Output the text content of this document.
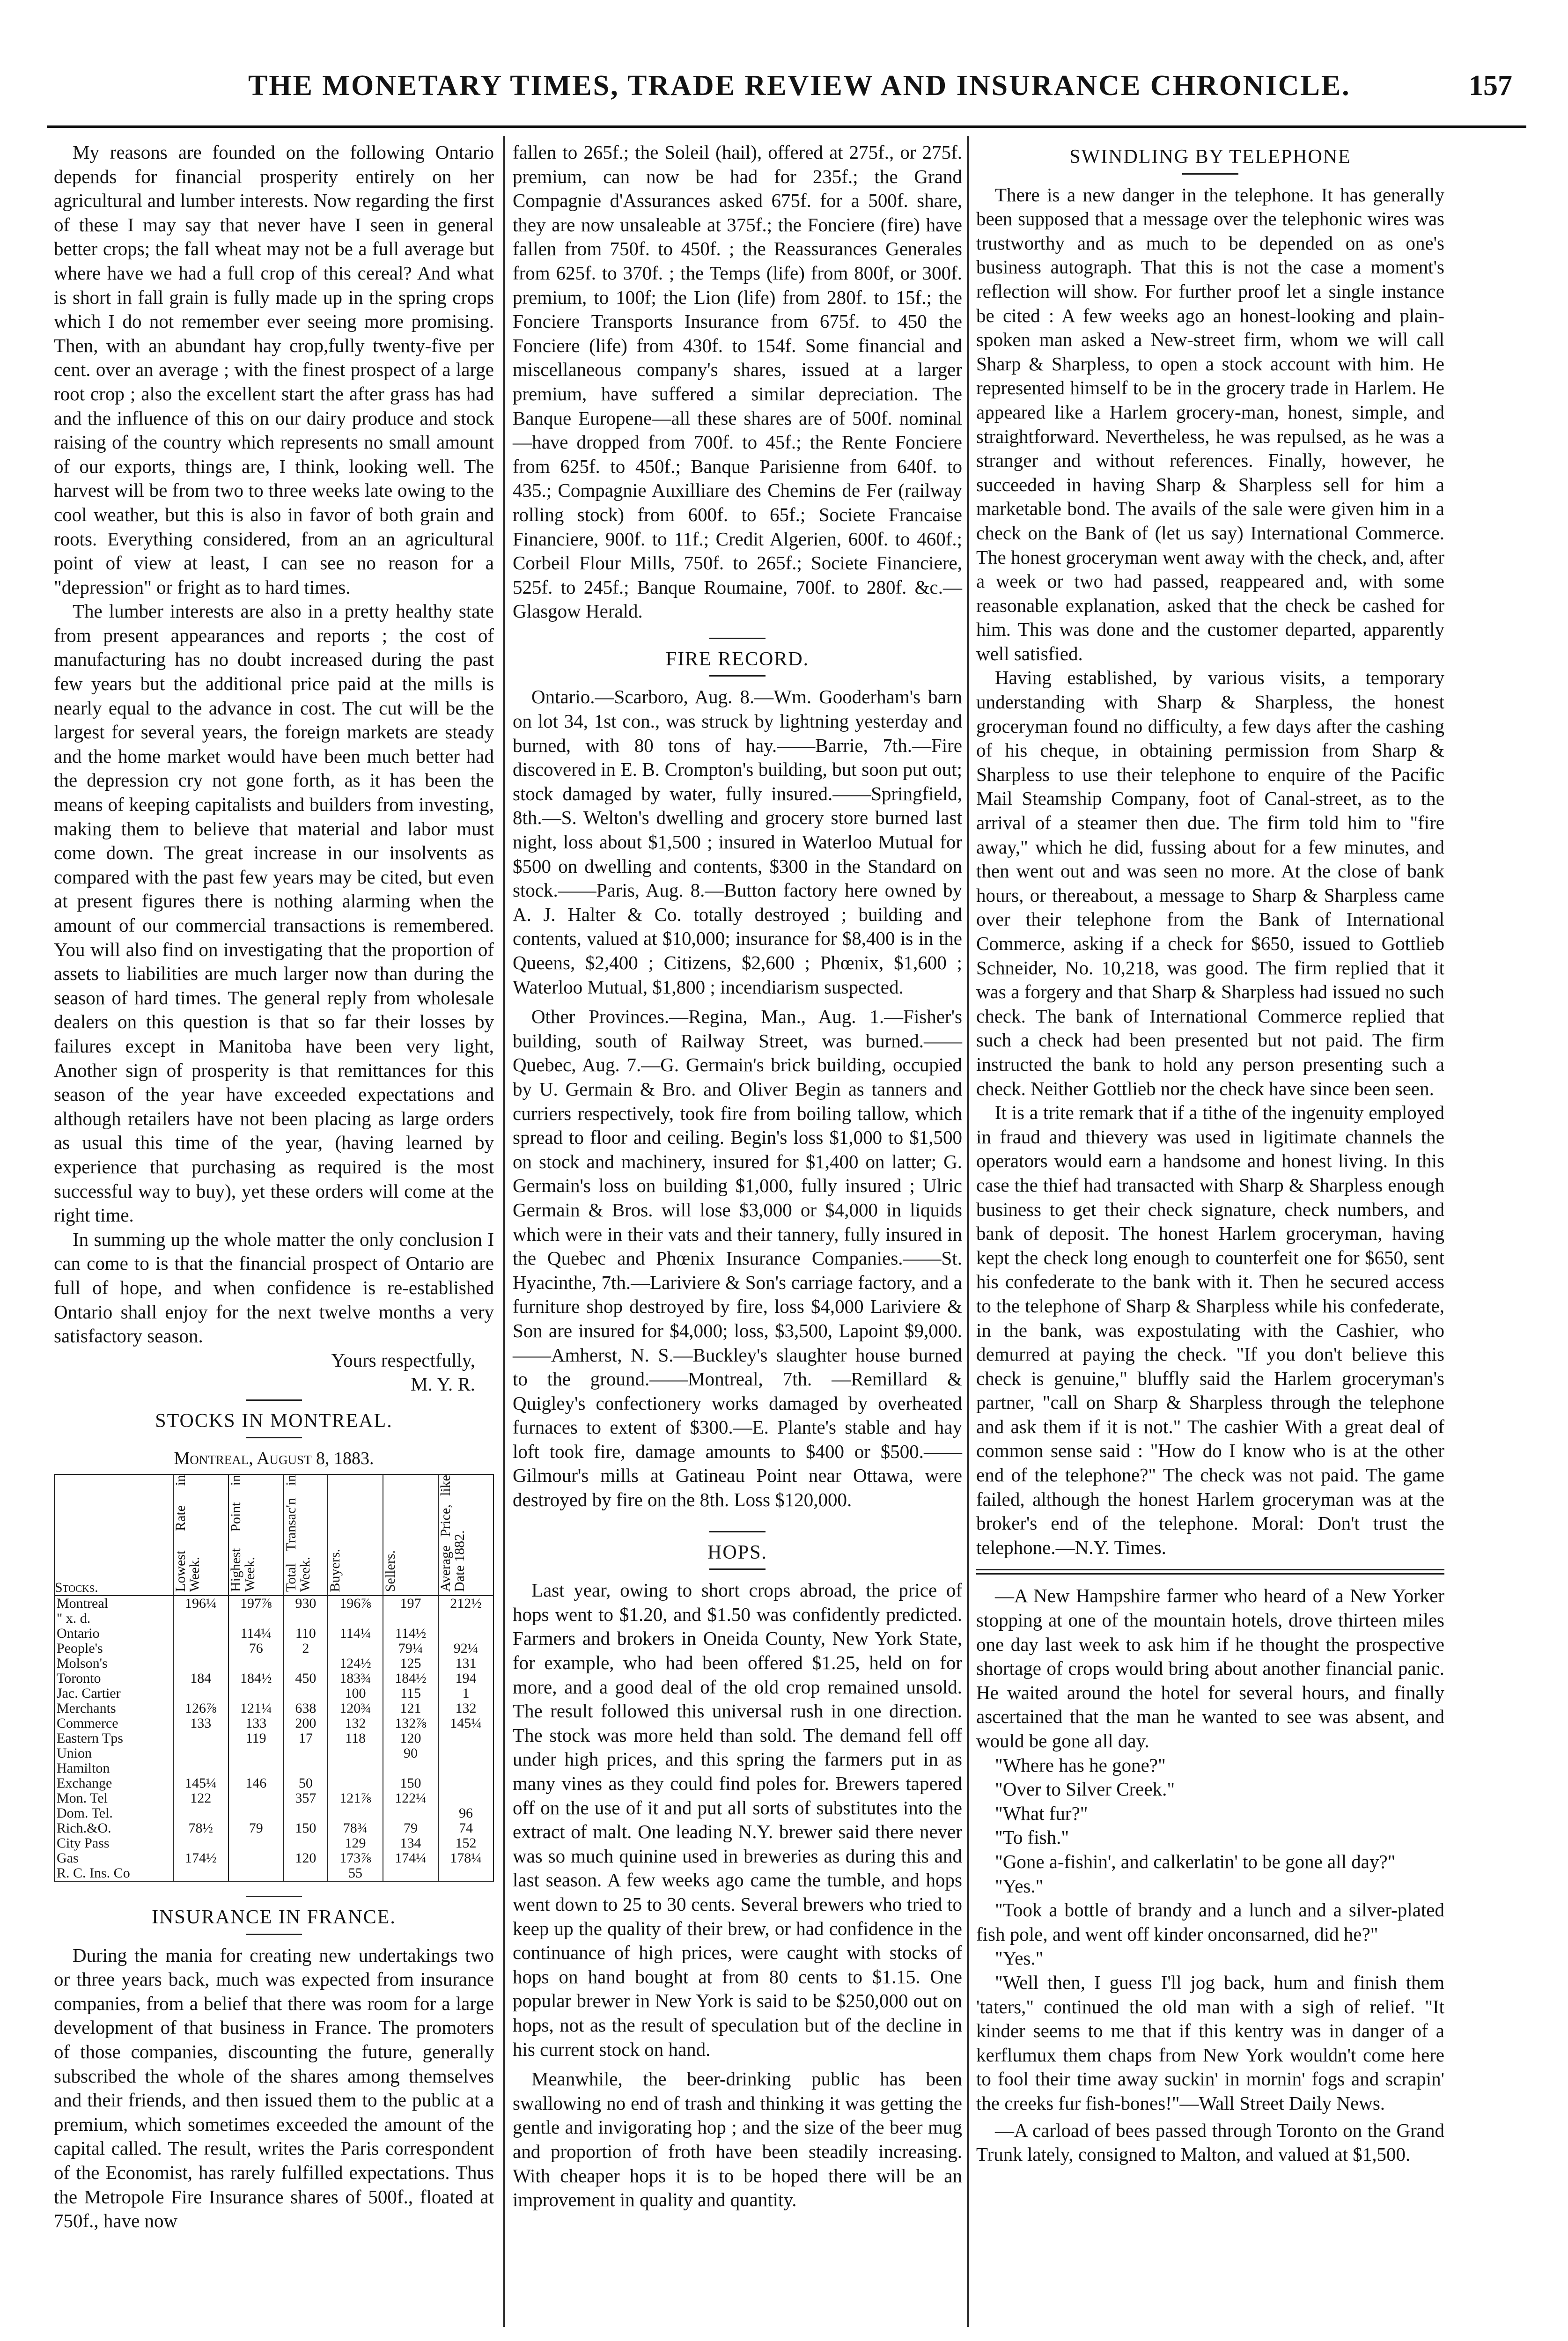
THE MONETARY TIMES, TRADE REVIEW AND INSURANCE CHRONICLE.	157

My reasons are founded on the following Ontario depends for financial prosperity entirely on her agricultural and lumber interests. Now regarding the first of these I may say that never have I seen in general better crops; the fall wheat may not be a full average but where have we had a full crop of this cereal? And what is short in fall grain is fully made up in the spring crops which I do not remember ever seeing more promising. Then, with an abundant hay crop,fully twenty-five per cent. over an average ; with the finest prospect of a large root crop ; also the excellent start the after grass has had and the influence of this on our dairy produce and stock raising of the country which represents no small amount of our exports, things are, I think, looking well. The harvest will be from two to three weeks late owing to the cool weather, but this is also in favor of both grain and roots. Everything considered, from an an agricultural point of view at least, I can see no reason for a "depression" or fright as to hard times.

The lumber interests are also in a pretty healthy state from present appearances and reports ; the cost of manufacturing has no doubt increased during the past few years but the additional price paid at the mills is nearly equal to the advance in cost. The cut will be the largest for several years, the foreign markets are steady and the home market would have been much better had the depression cry not gone forth, as it has been the means of keeping capitalists and builders from investing, making them to believe that material and labor must come down. The great increase in our insolvents as compared with the past few years may be cited, but even at present figures there is nothing alarming when the amount of our commercial transactions is remembered. You will also find on investigating that the proportion of assets to liabilities are much larger now than during the season of hard times. The general reply from wholesale dealers on this question is that so far their losses by failures except in Manitoba have been very light, Another sign of prosperity is that remittances for this season of the year have exceeded expectations and although retailers have not been placing as large orders as usual this time of the year, (having learned by experience that purchasing as required is the most successful way to buy), yet these orders will come at the right time.

In summing up the whole matter the only conclusion I can come to is that the financial prospect of Ontario are full of hope, and when confidence is re-established Ontario shall enjoy for the next twelve months a very satisfactory season.

Yours respectfully,

M. Y. R.

STOCKS IN MONTREAL.
Montreal, August 8, 1883.
Stocks.	Lowest Rate in Week.	Highest Point in Week.	Total Transac'n in Week.	Buyers.	Sellers.	Average Price, like Date 1882.
Montreal	196¼	197⅞	930	196⅞	197	212½
" x. d.						
Ontario		114¼	110	114¼	114½	
People's		76	2		79¼	92¼
Molson's				124½	125	131
Toronto	184	184½	450	183¾	184½	194
Jac. Cartier				100	115	1
Merchants	126⅞	121¼	638	120¾	121	132
Commerce	133	133	200	132	132⅞	145¼
Eastern Tps		119	17	118	120	
Union					90	
Hamilton						
Exchange	145¼	146	50		150	
Mon. Tel	122		357	121⅞	122¼	
Dom. Tel.						96
Rich.&O.	78½	79	150	78¾	79	74
City Pass				129	134	152
Gas	174½		120	173⅞	174¼	178¼
R. C. Ins. Co				55		
INSURANCE IN FRANCE.

During the mania for creating new undertakings two or three years back, much was expected from insurance companies, from a belief that there was room for a large development of that business in France. The promoters of those companies, discounting the future, generally subscribed the whole of the shares among themselves and their friends, and then issued them to the public at a premium, which sometimes exceeded the amount of the capital called. The result, writes the Paris correspondent of the Economist, has rarely fulfilled expectations. Thus the Metropole Fire Insurance shares of 500f., floated at 750f., have now

fallen to 265f.; the Soleil (hail), offered at 275f., or 275f. premium, can now be had for 235f.; the Grand Compagnie d'Assurances asked 675f. for a 500f. share, they are now unsaleable at 375f.; the Fonciere (fire) have fallen from 750f. to 450f. ; the Reassurances Generales from 625f. to 370f. ; the Temps (life) from 800f, or 300f. premium, to 100f; the Lion (life) from 280f. to 15f.; the Fonciere Transports Insurance from 675f. to 450 the Fonciere (life) from 430f. to 154f. Some financial and miscellaneous company's shares, issued at a larger premium, have suffered a similar depreciation. The Banque Europene—all these shares are of 500f. nominal —have dropped from 700f. to 45f.; the Rente Fonciere from 625f. to 450f.; Banque Parisienne from 640f. to 435.; Compagnie Auxilliare des Chemins de Fer (railway rolling stock) from 600f. to 65f.; Societe Francaise Financiere, 900f. to 11f.; Credit Algerien, 600f. to 460f.; Corbeil Flour Mills, 750f. to 265f.; Societe Financiere, 525f. to 245f.; Banque Roumaine, 700f. to 280f. &c.—Glasgow Herald.

FIRE RECORD.

Ontario.—Scarboro, Aug. 8.—Wm. Gooderham's barn on lot 34, 1st con., was struck by lightning yesterday and burned, with 80 tons of hay.——Barrie, 7th.—Fire discovered in E. B. Crompton's building, but soon put out; stock damaged by water, fully insured.——Springfield, 8th.—S. Welton's dwelling and grocery store burned last night, loss about $1,500 ; insured in Waterloo Mutual for $500 on dwelling and contents, $300 in the Standard on stock.——Paris, Aug. 8.—Button factory here owned by A. J. Halter & Co. totally destroyed ; building and contents, valued at $10,000; insurance for $8,400 is in the Queens, $2,400 ; Citizens, $2,600 ; Phœnix, $1,600 ; Waterloo Mutual, $1,800 ; incendiarism suspected.

Other Provinces.—Regina, Man., Aug. 1.—Fisher's building, south of Railway Street, was burned.——Quebec, Aug. 7.—G. Germain's brick building, occupied by U. Germain & Bro. and Oliver Begin as tanners and curriers respectively, took fire from boiling tallow, which spread to floor and ceiling. Begin's loss $1,000 to $1,500 on stock and machinery, insured for $1,400 on latter; G. Germain's loss on building $1,000, fully insured ; Ulric Germain & Bros. will lose $3,000 or $4,000 in liquids which were in their vats and their tannery, fully insured in the Quebec and Phœnix Insurance Companies.——St. Hyacinthe, 7th.—Lariviere & Son's carriage factory, and a furniture shop destroyed by fire, loss $4,000 Lariviere & Son are insured for $4,000; loss, $3,500, Lapoint $9,000.——Amherst, N. S.—Buckley's slaughter house burned to the ground.——Montreal, 7th. —Remillard & Quigley's confectionery works damaged by overheated furnaces to extent of $300.—E. Plante's stable and hay loft took fire, damage amounts to $400 or $500.——Gilmour's mills at Gatineau Point near Ottawa, were destroyed by fire on the 8th. Loss $120,000.

HOPS.

Last year, owing to short crops abroad, the price of hops went to $1.20, and $1.50 was confidently predicted. Farmers and brokers in Oneida County, New York State, for example, who had been offered $1.25, held on for more, and a good deal of the old crop remained unsold. The result followed this universal rush in one direction. The stock was more held than sold. The demand fell off under high prices, and this spring the farmers put in as many vines as they could find poles for. Brewers tapered off on the use of it and put all sorts of substitutes into the extract of malt. One leading N.Y. brewer said there never was so much quinine used in breweries as during this and last season. A few weeks ago came the tumble, and hops went down to 25 to 30 cents. Several brewers who tried to keep up the quality of their brew, or had confidence in the continuance of high prices, were caught with stocks of hops on hand bought at from 80 cents to $1.15. One popular brewer in New York is said to be $250,000 out on hops, not as the result of speculation but of the decline in his current stock on hand.

Meanwhile, the beer-drinking public has been swallowing no end of trash and thinking it was getting the gentle and invigorating hop ; and the size of the beer mug and proportion of froth have been steadily increasing. With cheaper hops it is to be hoped there will be an improvement in quality and quantity.

SWINDLING BY TELEPHONE

There is a new danger in the telephone. It has generally been supposed that a message over the telephonic wires was trustworthy and as much to be depended on as one's business autograph. That this is not the case a moment's reflection will show. For further proof let a single instance be cited : A few weeks ago an honest-looking and plain-spoken man asked a New-street firm, whom we will call Sharp & Sharpless, to open a stock account with him. He represented himself to be in the grocery trade in Harlem. He appeared like a Harlem grocery-man, honest, simple, and straightforward. Nevertheless, he was repulsed, as he was a stranger and without references. Finally, however, he succeeded in having Sharp & Sharpless sell for him a marketable bond. The avails of the sale were given him in a check on the Bank of (let us say) International Commerce. The honest groceryman went away with the check, and, after a week or two had passed, reappeared and, with some reasonable explanation, asked that the check be cashed for him. This was done and the customer departed, apparently well satisfied.

Having established, by various visits, a temporary understanding with Sharp & Sharpless, the honest groceryman found no difficulty, a few days after the cashing of his cheque, in obtaining permission from Sharp & Sharpless to use their telephone to enquire of the Pacific Mail Steamship Company, foot of Canal-street, as to the arrival of a steamer then due. The firm told him to "fire away," which he did, fussing about for a few minutes, and then went out and was seen no more. At the close of bank hours, or thereabout, a message to Sharp & Sharpless came over their telephone from the Bank of International Commerce, asking if a check for $650, issued to Gottlieb Schneider, No. 10,218, was good. The firm replied that it was a forgery and that Sharp & Sharpless had issued no such check. The bank of International Commerce replied that such a check had been presented but not paid. The firm instructed the bank to hold any person presenting such a check. Neither Gottlieb nor the check have since been seen.

It is a trite remark that if a tithe of the ingenuity employed in fraud and thievery was used in ligitimate channels the operators would earn a handsome and honest living. In this case the thief had transacted with Sharp & Sharpless enough business to get their check signature, check numbers, and bank of deposit. The honest Harlem groceryman, having kept the check long enough to counterfeit one for $650, sent his confederate to the bank with it. Then he secured access to the telephone of Sharp & Sharpless while his confederate, in the bank, was expostulating with the Cashier, who demurred at paying the check. "If you don't believe this check is genuine," bluffly said the Harlem groceryman's partner, "call on Sharp & Sharpless through the telephone and ask them if it is not." The cashier With a great deal of common sense said : "How do I know who is at the other end of the telephone?" The check was not paid. The game failed, although the honest Harlem groceryman was at the broker's end of the telephone. Moral: Don't trust the telephone.—N.Y. Times.

—A New Hampshire farmer who heard of a New Yorker stopping at one of the mountain hotels, drove thirteen miles one day last week to ask him if he thought the prospective shortage of crops would bring about another financial panic. He waited around the hotel for several hours, and finally ascertained that the man he wanted to see was absent, and would be gone all day.

"Where has he gone?"

"Over to Silver Creek."

"What fur?"

"To fish."

"Gone a-fishin', and calkerlatin' to be gone all day?"

"Yes."

"Took a bottle of brandy and a lunch and a silver-plated fish pole, and went off kinder onconsarned, did he?"

"Yes."

"Well then, I guess I'll jog back, hum and finish them 'taters," continued the old man with a sigh of relief. "It kinder seems to me that if this kentry was in danger of a kerflumux them chaps from New York wouldn't come here to fool their time away suckin' in mornin' fogs and scrapin' the creeks fur fish-bones!"—Wall Street Daily News.

—A carload of bees passed through Toronto on the Grand Trunk lately, consigned to Malton, and valued at $1,500.
